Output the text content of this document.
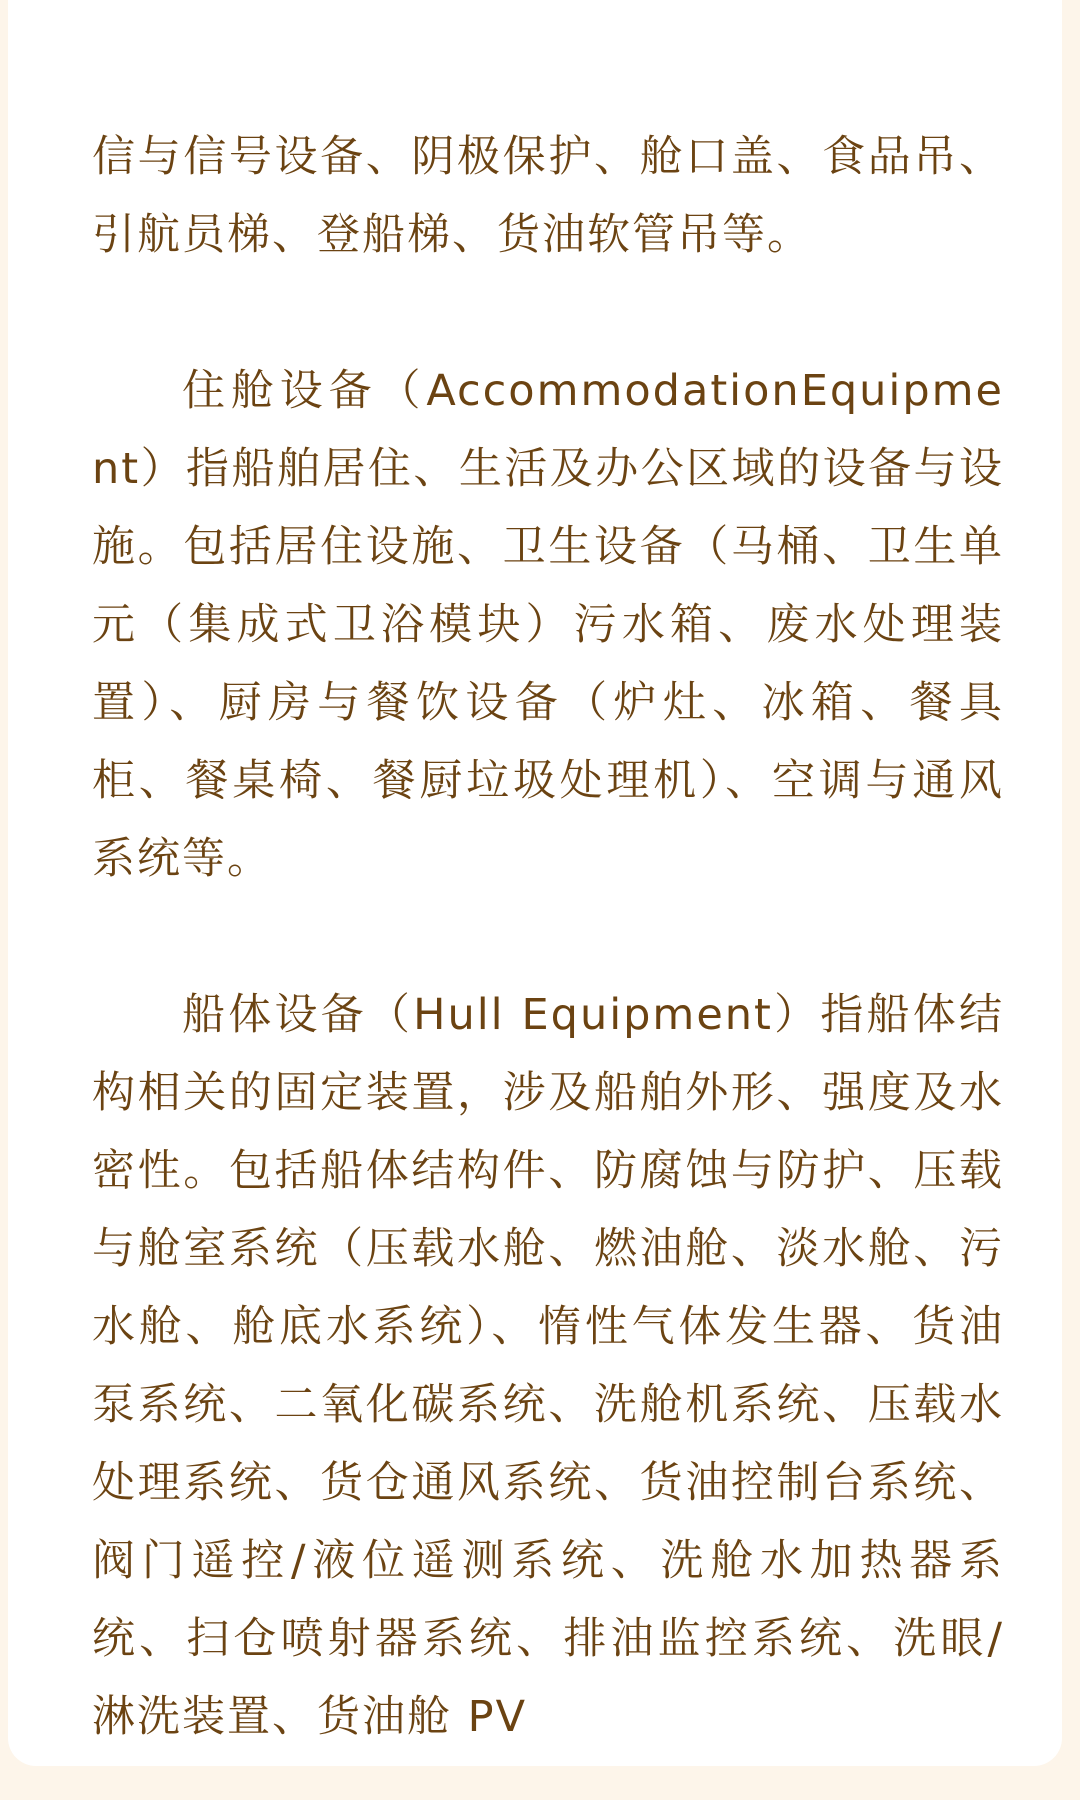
信与信号设备、阴极保护、舱口盖、食品吊、引航员梯、登船梯、货油软管吊等。

住舱设备（AccommodationEquipment）指船舶居住、生活及办公区域的设备与设施。包括居住设施、卫生设备（马桶、卫生单元（集成式卫浴模块）污水箱、废水处理装置）、厨房与餐饮设备（炉灶、冰箱、餐具柜、餐桌椅、餐厨垃圾处理机）、空调与通风系统等。

船体设备（Hull Equipment）指船体结构相关的固定装置，涉及船舶外形、强度及水密性。包括船体结构件、防腐蚀与防护、压载与舱室系统（压载水舱、燃油舱、淡水舱、污水舱、舱底水系统）、惰性气体发生器、货油泵系统、二氧化碳系统、洗舱机系统、压载水处理系统、货仓通风系统、货油控制台系统、阀门遥控/液位遥测系统、洗舱水加热器系统、扫仓喷射器系统、排油监控系统、洗眼/淋洗装置、货油舱 PV
